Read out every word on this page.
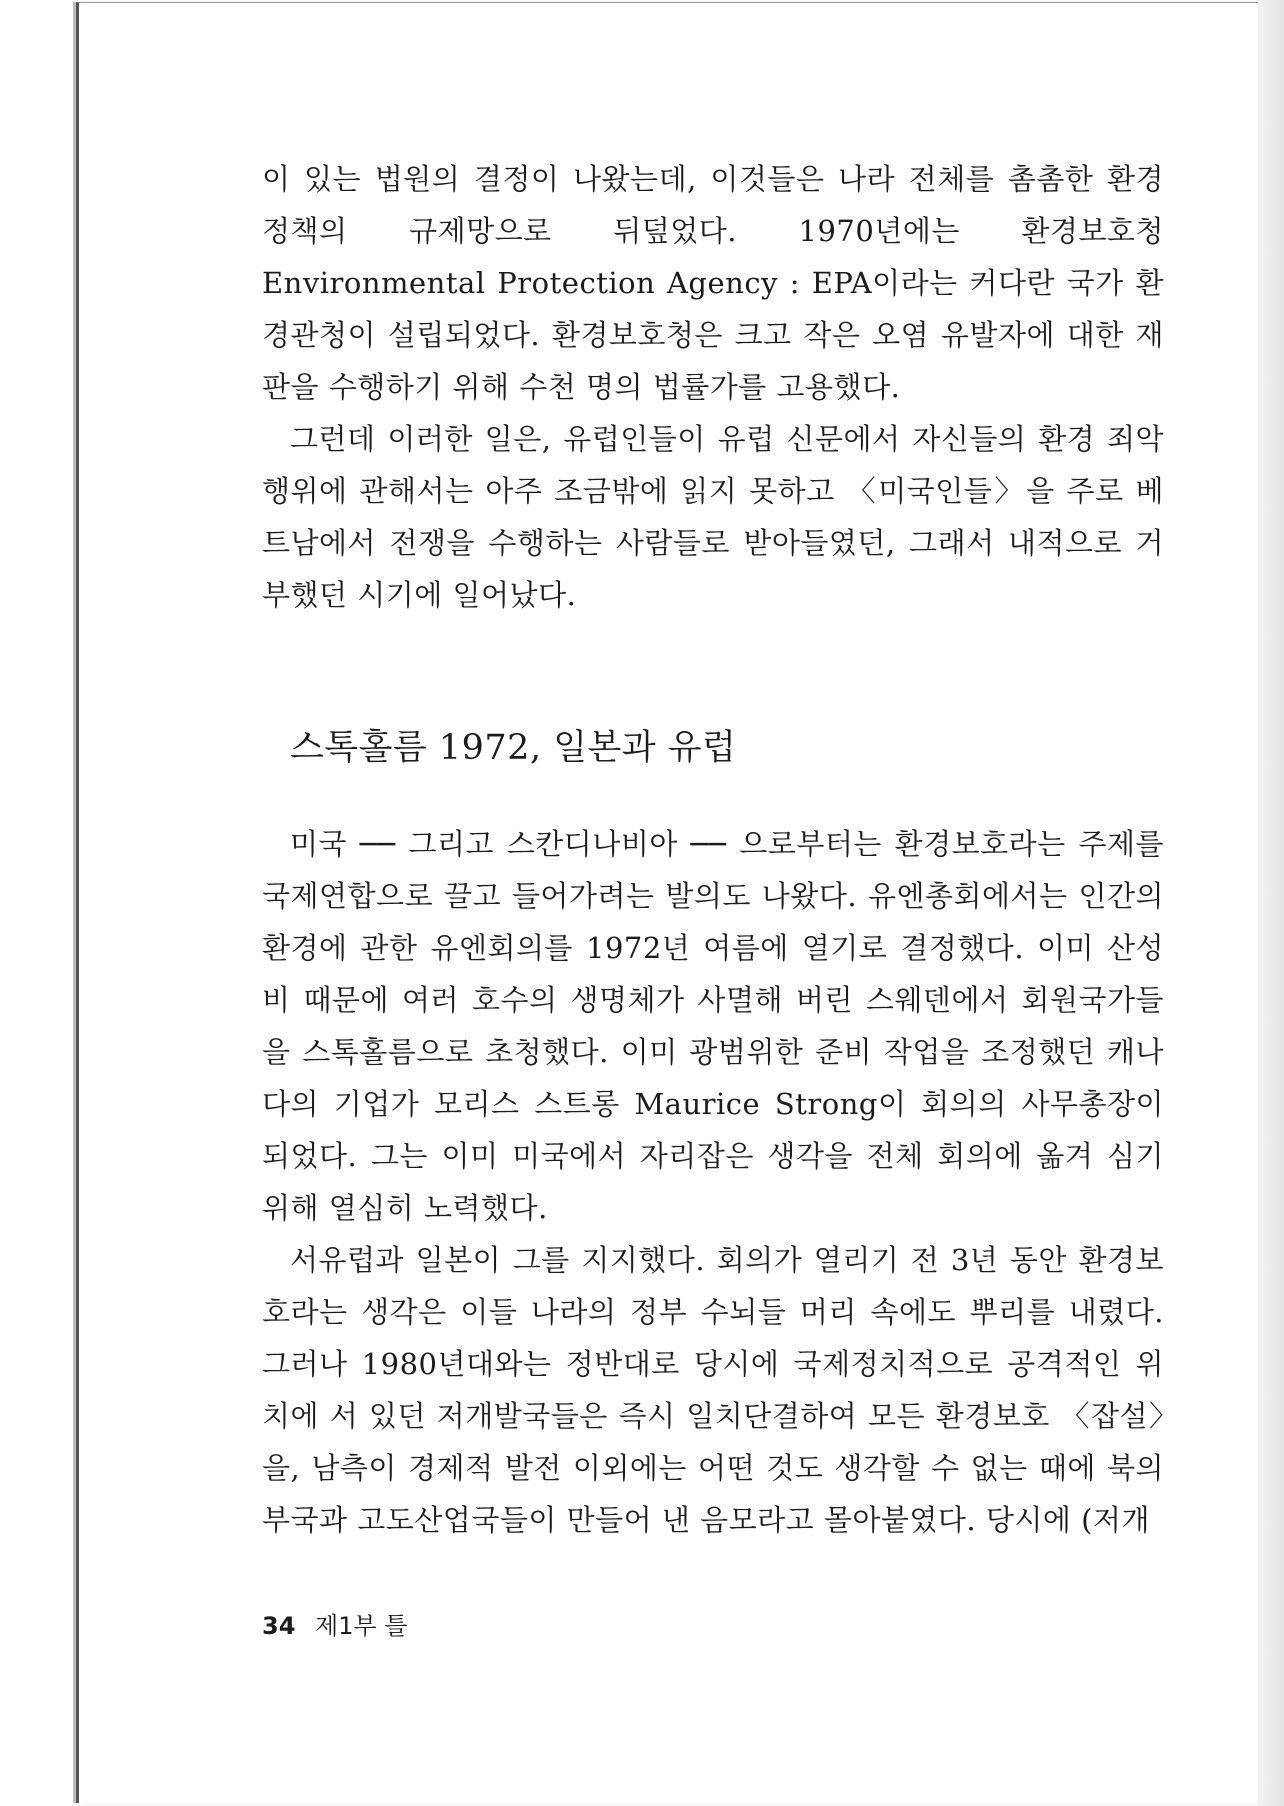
이 있는 법원의 결정이 나왔는데, 이것들은 나라 전체를 촘촘한 환경 정책의 규제망으로 뒤덮었다. 1970년에는 환경보호청 Environmental Protection Agency : EPA이라는 커다란 국가 환경관청이 설립되었다. 환경보호청은 크고 작은 오염 유발자에 대한 재판을 수행하기 위해 수천 명의 법률가를 고용했다.

그런데 이러한 일은, 유럽인들이 유럽 신문에서 자신들의 환경 죄악 행위에 관해서는 아주 조금밖에 읽지 못하고 〈미국인들〉을 주로 베트남에서 전쟁을 수행하는 사람들로 받아들였던, 그래서 내적으로 거부했던 시기에 일어났다.

스톡홀름 1972, 일본과 유럽

미국 ── 그리고 스칸디나비아 ── 으로부터는 환경보호라는 주제를 국제연합으로 끌고 들어가려는 발의도 나왔다. 유엔총회에서는 인간의 환경에 관한 유엔회의를 1972년 여름에 열기로 결정했다. 이미 산성비 때문에 여러 호수의 생명체가 사멸해 버린 스웨덴에서 회원국가들을 스톡홀름으로 초청했다. 이미 광범위한 준비 작업을 조정했던 캐나다의 기업가 모리스 스트롱 Maurice Strong이 회의의 사무총장이 되었다. 그는 이미 미국에서 자리잡은 생각을 전체 회의에 옮겨 심기 위해 열심히 노력했다.

서유럽과 일본이 그를 지지했다. 회의가 열리기 전 3년 동안 환경보호라는 생각은 이들 나라의 정부 수뇌들 머리 속에도 뿌리를 내렸다. 그러나 1980년대와는 정반대로 당시에 국제정치적으로 공격적인 위치에 서 있던 저개발국들은 즉시 일치단결하여 모든 환경보호 〈잡설〉을, 남측이 경제적 발전 이외에는 어떤 것도 생각할 수 없는 때에 북의 부국과 고도산업국들이 만들어 낸 음모라고 몰아붙였다. 당시에 (저개

34 제1부 틀
